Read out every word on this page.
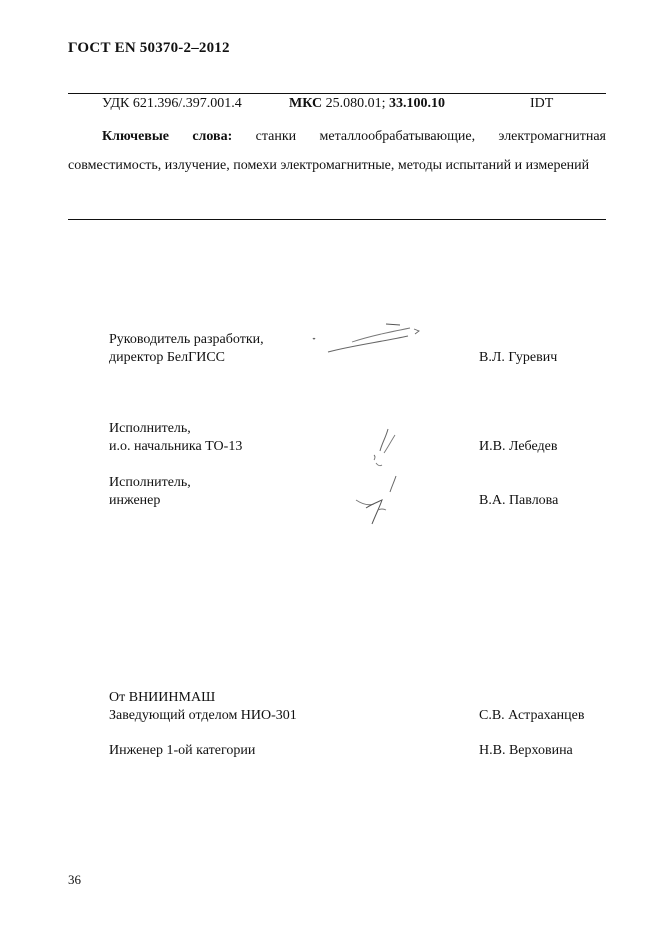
ГОСТ EN 50370-2–2012
УДК 621.396/.397.001.4	МКС 25.080.01; 33.100.10	IDT
Ключевые слова: станки металлообрабатывающие, электромагнитная совместимость, излучение, помехи электромагнитные, методы испытаний и измерений
Руководитель разработки,
директор БелГИСС	В.Л. Гуревич
Исполнитель,
и.о. начальника ТО-13	И.В. Лебедев
Исполнитель,
инженер	В.А. Павлова
От ВНИИНМАШ
Заведующий отделом НИО-301	С.В. Астраханцев
Инженер 1-ой категории	Н.В. Верховина
36
